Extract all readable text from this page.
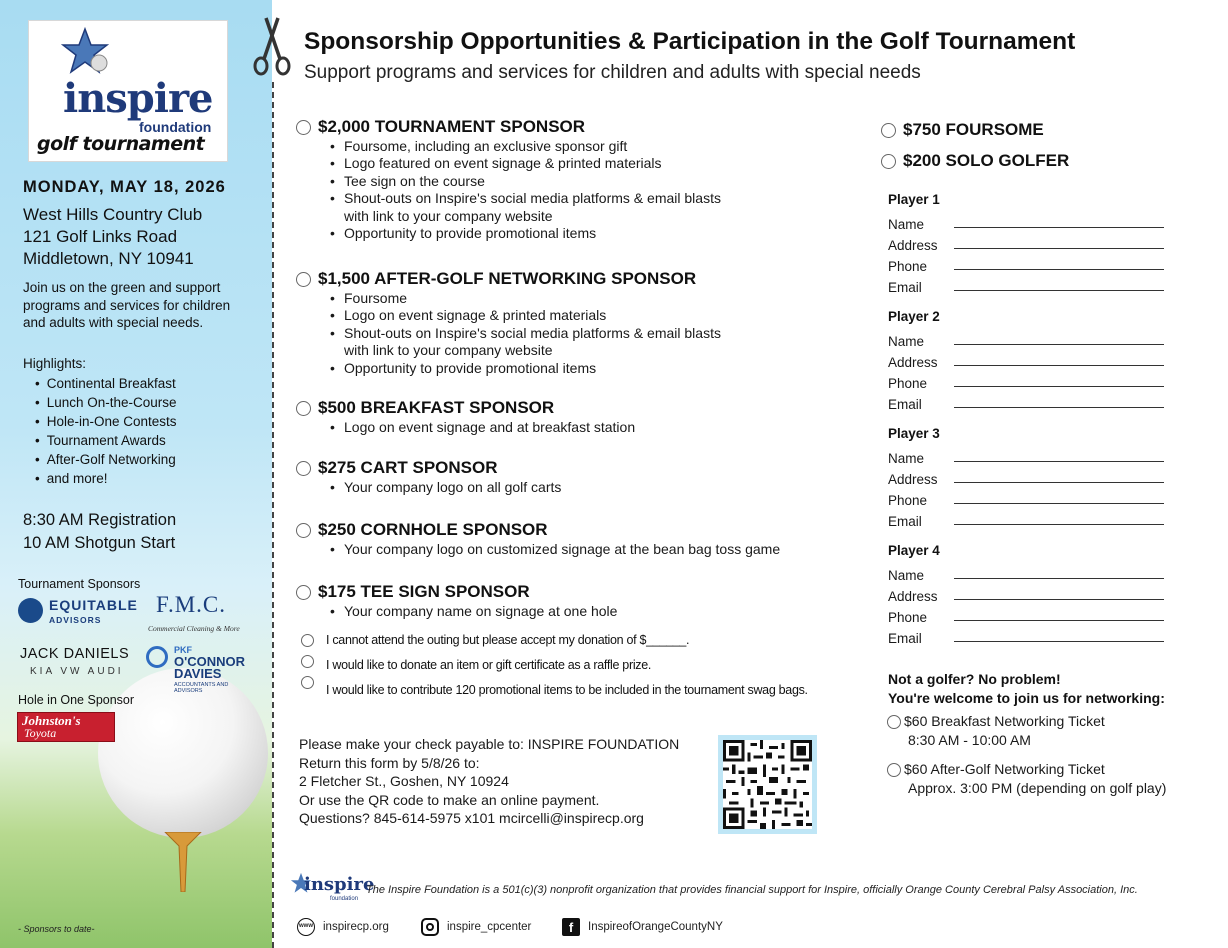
inspire
foundation
golf tournament
MONDAY, MAY 18, 2026
West Hills Country Club
121 Golf Links Road
Middletown, NY 10941
Join us on the green and support programs and services for children and adults with special needs.
Highlights:
• Continental Breakfast
• Lunch On-the-Course
• Hole-in-One Contests
• Tournament Awards
• After-Golf Networking
• and more!
8:30 AM Registration
10 AM Shotgun Start
Tournament Sponsors
EQUITABLE
ADVISORS
F.M.C.
Commercial Cleaning & More
JACK DANIELS
KIA VW AUDI
PKF
O'CONNOR DAVIES
ACCOUNTANTS AND ADVISORS
Hole in One Sponsor
Johnston's
Toyota
- Sponsors to date-
Sponsorship Opportunities & Participation in the Golf Tournament
Support programs and services for children and adults with special needs
$2,000 TOURNAMENT SPONSOR
• Foursome, including an exclusive sponsor gift
• Logo featured on event signage & printed materials
• Tee sign on the course
• Shout-outs on Inspire's social media platforms & email blasts
with link to your company website
• Opportunity to provide promotional items
$1,500 AFTER-GOLF NETWORKING SPONSOR
• Foursome
• Logo on event signage & printed materials
• Shout-outs on Inspire's social media platforms & email blasts
with link to your company website
• Opportunity to provide promotional items
$500 BREAKFAST SPONSOR
• Logo on event signage and at breakfast station
$275 CART SPONSOR
• Your company logo on all golf carts
$250 CORNHOLE SPONSOR
• Your company logo on customized signage at the bean bag toss game
$175 TEE SIGN SPONSOR
• Your company name on signage at one hole
I cannot attend the outing but please accept my donation of $______.
I would like to donate an item or gift certificate as a raffle prize.
I would like to contribute 120 promotional items to be included in the tournament swag bags.
Please make your check payable to: INSPIRE FOUNDATION
Return this form by 5/8/26 to:
2 Fletcher St., Goshen, NY 10924
Or use the QR code to make an online payment.
Questions? 845-614-5975 x101 mcircelli@inspirecp.org
$750 FOURSOME
$200 SOLO GOLFER
Player 1
Name
Address
Phone
Email
Player 2
Name
Address
Phone
Email
Player 3
Name
Address
Phone
Email
Player 4
Name
Address
Phone
Email
Not a golfer? No problem!
You're welcome to join us for networking:
$60 Breakfast Networking Ticket
8:30 AM - 10:00 AM
$60 After-Golf Networking Ticket
Approx. 3:00 PM (depending on golf play)
inspire
foundation
The Inspire Foundation is a 501(c)(3) nonprofit organization that provides financial support for Inspire, officially Orange County Cerebral Palsy Association, Inc.
www inspirecp.org	inspire_cpcenter	f	InspireofOrangeCountyNY
